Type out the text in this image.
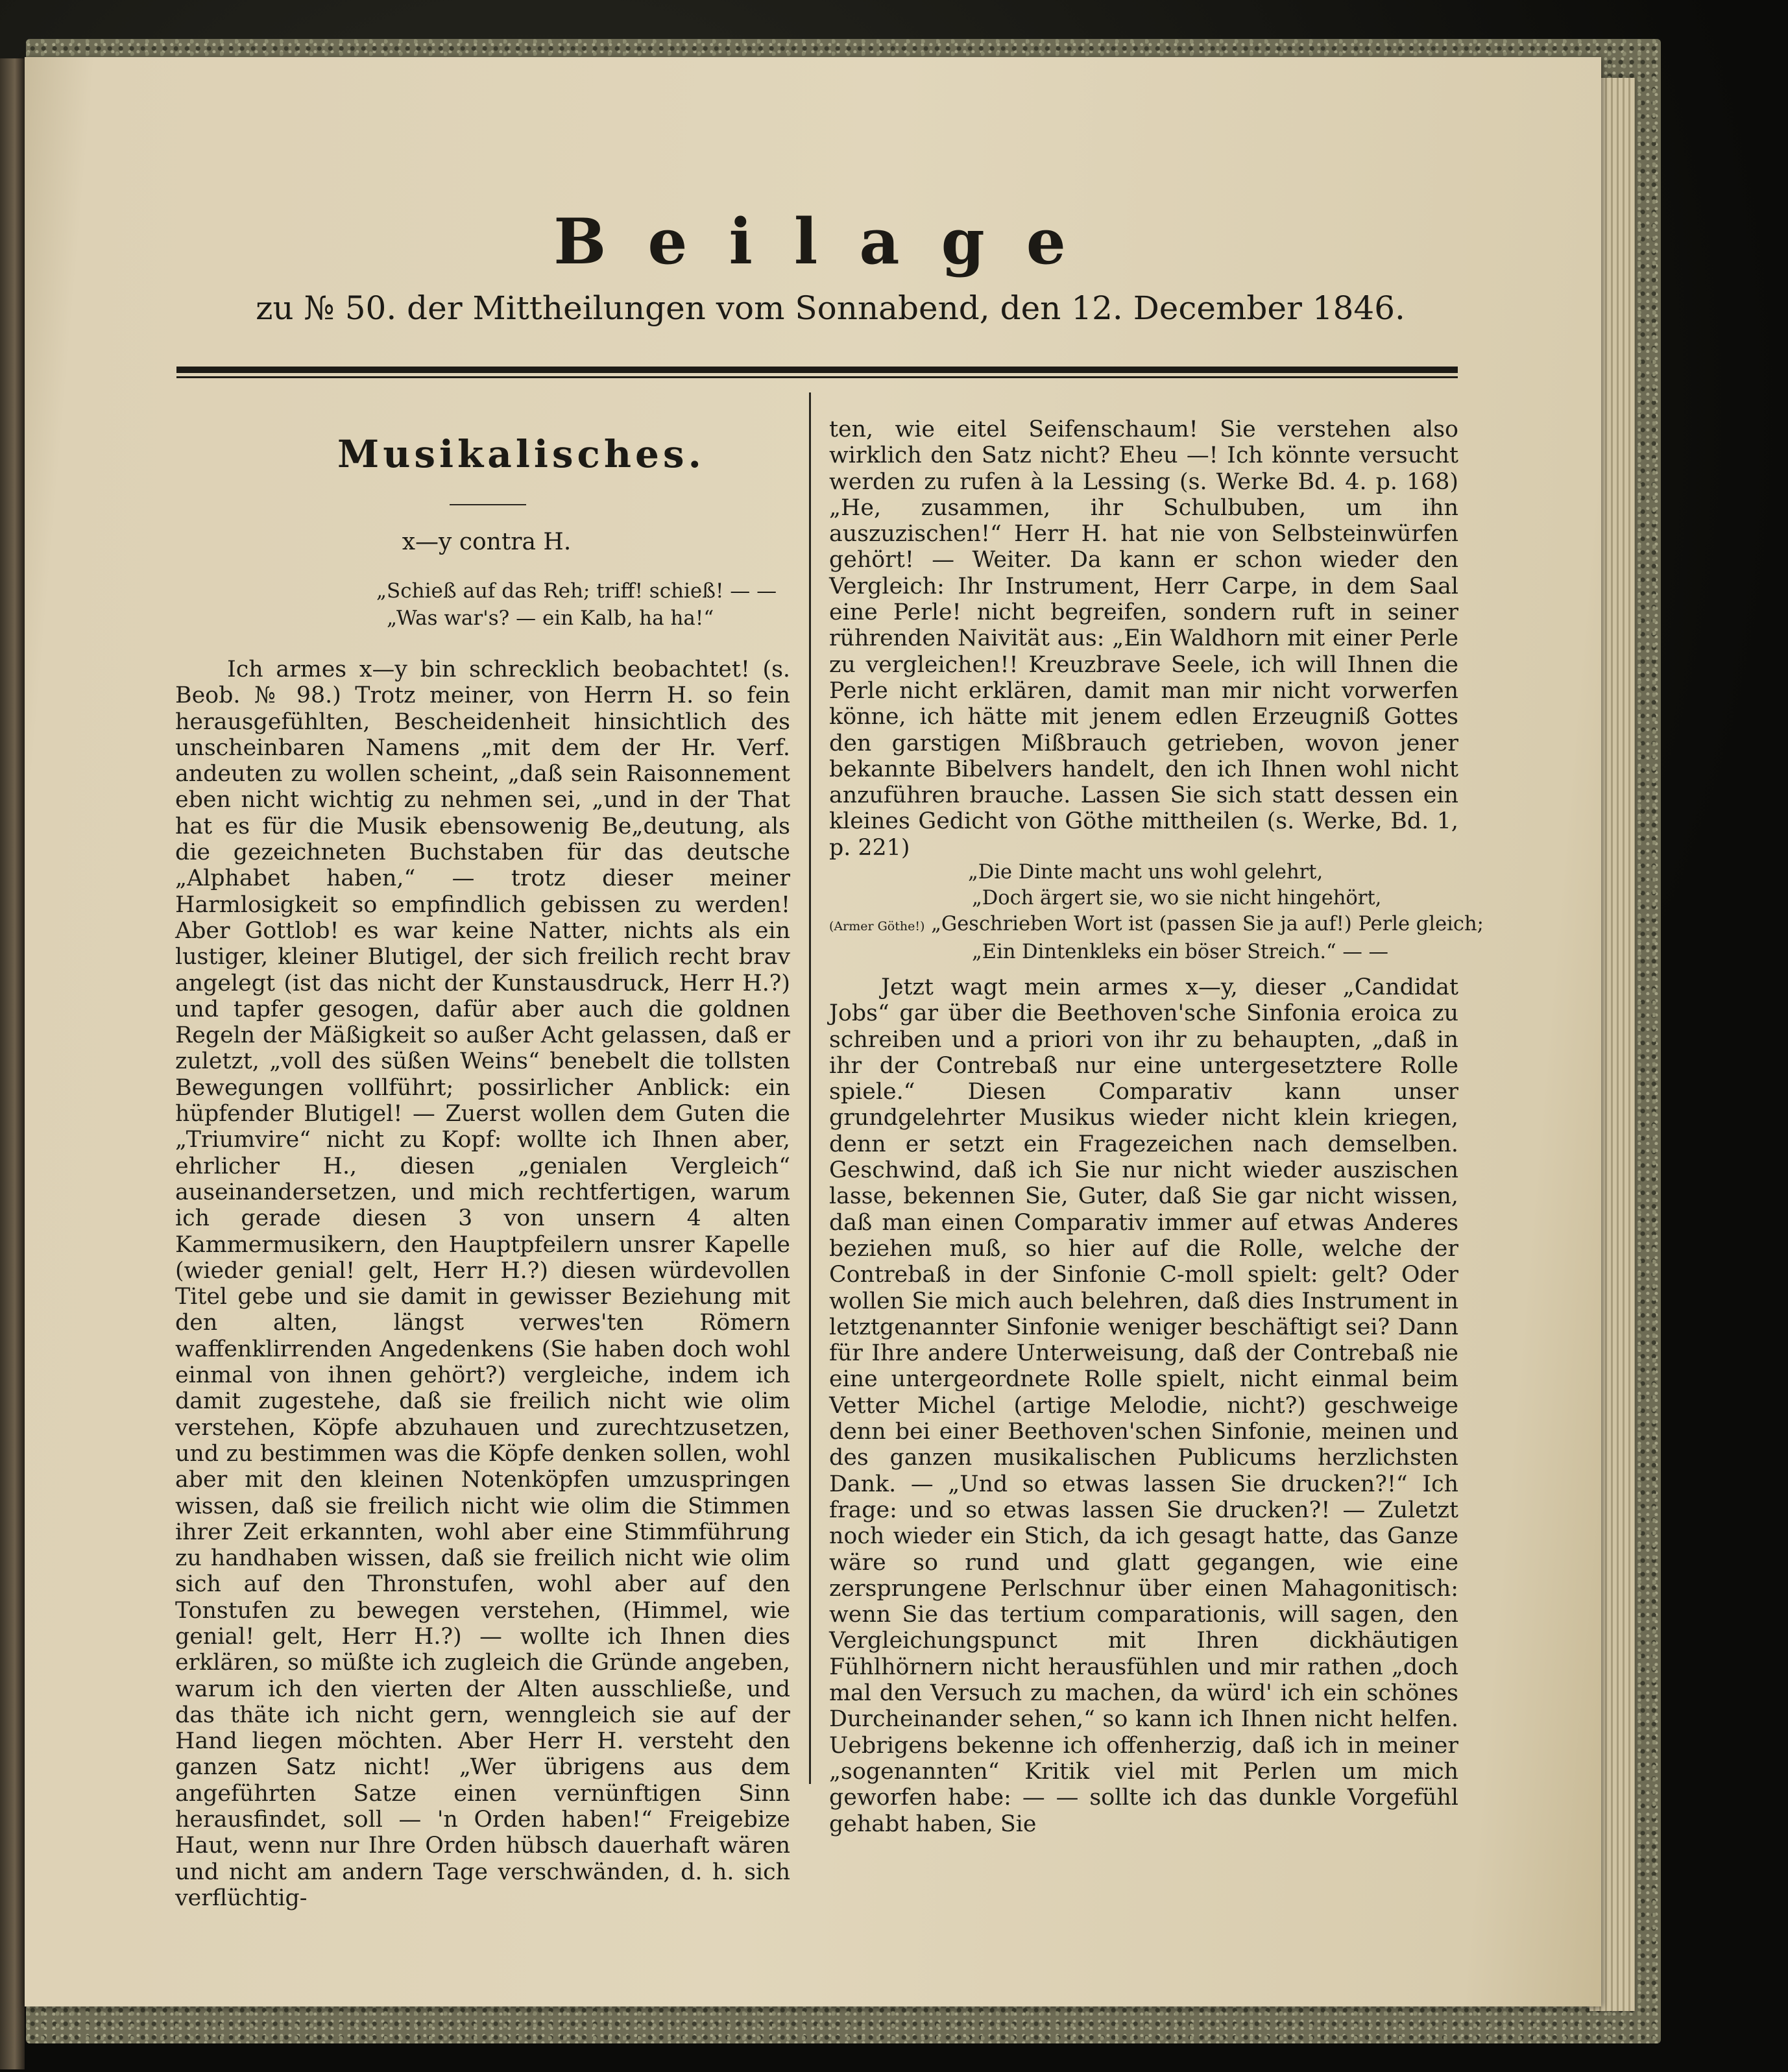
Beilage
zu № 50. der Mittheilungen vom Sonnabend, den 12. December 1846.
Musikalisches.
x—y contra H.
„Schieß auf das Reh; triff! schieß! — —
„Was war's? — ein Kalb, ha ha!“

Ich armes x—y bin schrecklich beobachtet! (s. Beob. № 98.) Trotz meiner, von Herrn H. so fein herausgefühlten, Bescheidenheit hinsichtlich des unscheinbaren Namens „mit dem der Hr. Verf. andeuten zu wollen scheint, „daß sein Raisonnement eben nicht wichtig zu nehmen sei, „und in der That hat es für die Musik ebensowenig Be„deutung, als die gezeichneten Buchstaben für das deutsche „Alphabet haben,“ — trotz dieser meiner Harmlosigkeit so empfindlich gebissen zu werden! Aber Gottlob! es war keine Natter, nichts als ein lustiger, kleiner Blutigel, der sich freilich recht brav angelegt (ist das nicht der Kunstausdruck, Herr H.?) und tapfer gesogen, dafür aber auch die goldnen Regeln der Mäßigkeit so außer Acht gelassen, daß er zuletzt, „voll des süßen Weins“ benebelt die tollsten Bewegungen vollführt; possirlicher Anblick: ein hüpfender Blutigel! — Zuerst wollen dem Guten die „Triumvire“ nicht zu Kopf: wollte ich Ihnen aber, ehrlicher H., diesen „genialen Vergleich“ auseinandersetzen, und mich rechtfertigen, warum ich gerade diesen 3 von unsern 4 alten Kammermusikern, den Hauptpfeilern unsrer Kapelle (wieder genial! gelt, Herr H.?) diesen würdevollen Titel gebe und sie damit in gewisser Beziehung mit den alten, längst verwes'ten Römern waffenklirrenden Angedenkens (Sie haben doch wohl einmal von ihnen gehört?) vergleiche, indem ich damit zugestehe, daß sie freilich nicht wie olim verstehen, Köpfe abzuhauen und zurechtzusetzen, und zu bestimmen was die Köpfe denken sollen, wohl aber mit den kleinen Notenköpfen umzuspringen wissen, daß sie freilich nicht wie olim die Stimmen ihrer Zeit erkannten, wohl aber eine Stimmführung zu handhaben wissen, daß sie freilich nicht wie olim sich auf den Thronstufen, wohl aber auf den Tonstufen zu bewegen verstehen, (Himmel, wie genial! gelt, Herr H.?) — wollte ich Ihnen dies erklären, so müßte ich zugleich die Gründe angeben, warum ich den vierten der Alten ausschließe, und das thäte ich nicht gern, wenngleich sie auf der Hand liegen möchten. Aber Herr H. versteht den ganzen Satz nicht! „Wer übrigens aus dem angeführten Satze einen vernünftigen Sinn herausfindet, soll — 'n Orden haben!“ Freigebize Haut, wenn nur Ihre Orden hübsch dauerhaft wären und nicht am andern Tage verschwänden, d. h. sich verflüchtig-

ten, wie eitel Seifenschaum! Sie verstehen also wirklich den Satz nicht? Eheu —! Ich könnte versucht werden zu rufen à la Lessing (s. Werke Bd. 4. p. 168) „He, zusammen, ihr Schulbuben, um ihn auszuzischen!“ Herr H. hat nie von Selbsteinwürfen gehört! — Weiter. Da kann er schon wieder den Vergleich: Ihr Instrument, Herr Carpe, in dem Saal eine Perle! nicht begreifen, sondern ruft in seiner rührenden Naivität aus: „Ein Waldhorn mit einer Perle zu vergleichen!! Kreuzbrave Seele, ich will Ihnen die Perle nicht erklären, damit man mir nicht vorwerfen könne, ich hätte mit jenem edlen Erzeugniß Gottes den garstigen Mißbrauch getrieben, wovon jener bekannte Bibelvers handelt, den ich Ihnen wohl nicht anzuführen brauche. Lassen Sie sich statt dessen ein kleines Gedicht von Göthe mittheilen (s. Werke, Bd. 1, p. 221)

„Die Dinte macht uns wohl gelehrt,
„Doch ärgert sie, wo sie nicht hingehört,
(Armer Göthe!) „Geschrieben Wort ist (passen Sie ja auf!) Perle gleich;
„Ein Dintenkleks ein böser Streich.“ — —

Jetzt wagt mein armes x—y, dieser „Candidat Jobs“ gar über die Beethoven'sche Sinfonia eroica zu schreiben und a priori von ihr zu behaupten, „daß in ihr der Contrebaß nur eine untergesetztere Rolle spiele.“ Diesen Comparativ kann unser grundgelehrter Musikus wieder nicht klein kriegen, denn er setzt ein Fragezeichen nach demselben. Geschwind, daß ich Sie nur nicht wieder auszischen lasse, bekennen Sie, Guter, daß Sie gar nicht wissen, daß man einen Comparativ immer auf etwas Anderes beziehen muß, so hier auf die Rolle, welche der Contrebaß in der Sinfonie C-moll spielt: gelt? Oder wollen Sie mich auch belehren, daß dies Instrument in letztgenannter Sinfonie weniger beschäftigt sei? Dann für Ihre andere Unterweisung, daß der Contrebaß nie eine untergeordnete Rolle spielt, nicht einmal beim Vetter Michel (artige Melodie, nicht?) geschweige denn bei einer Beethoven'schen Sinfonie, meinen und des ganzen musikalischen Publicums herzlichsten Dank. — „Und so etwas lassen Sie drucken?!“ Ich frage: und so etwas lassen Sie drucken?! — Zuletzt noch wieder ein Stich, da ich gesagt hatte, das Ganze wäre so rund und glatt gegangen, wie eine zersprungene Perlschnur über einen Mahagonitisch: wenn Sie das tertium comparationis, will sagen, den Vergleichungspunct mit Ihren dickhäutigen Fühlhörnern nicht herausfühlen und mir rathen „doch mal den Versuch zu machen, da würd' ich ein schönes Durcheinander sehen,“ so kann ich Ihnen nicht helfen. Uebrigens bekenne ich offenherzig, daß ich in meiner „sogenannten“ Kritik viel mit Perlen um mich geworfen habe: — — sollte ich das dunkle Vorgefühl gehabt haben, Sie
